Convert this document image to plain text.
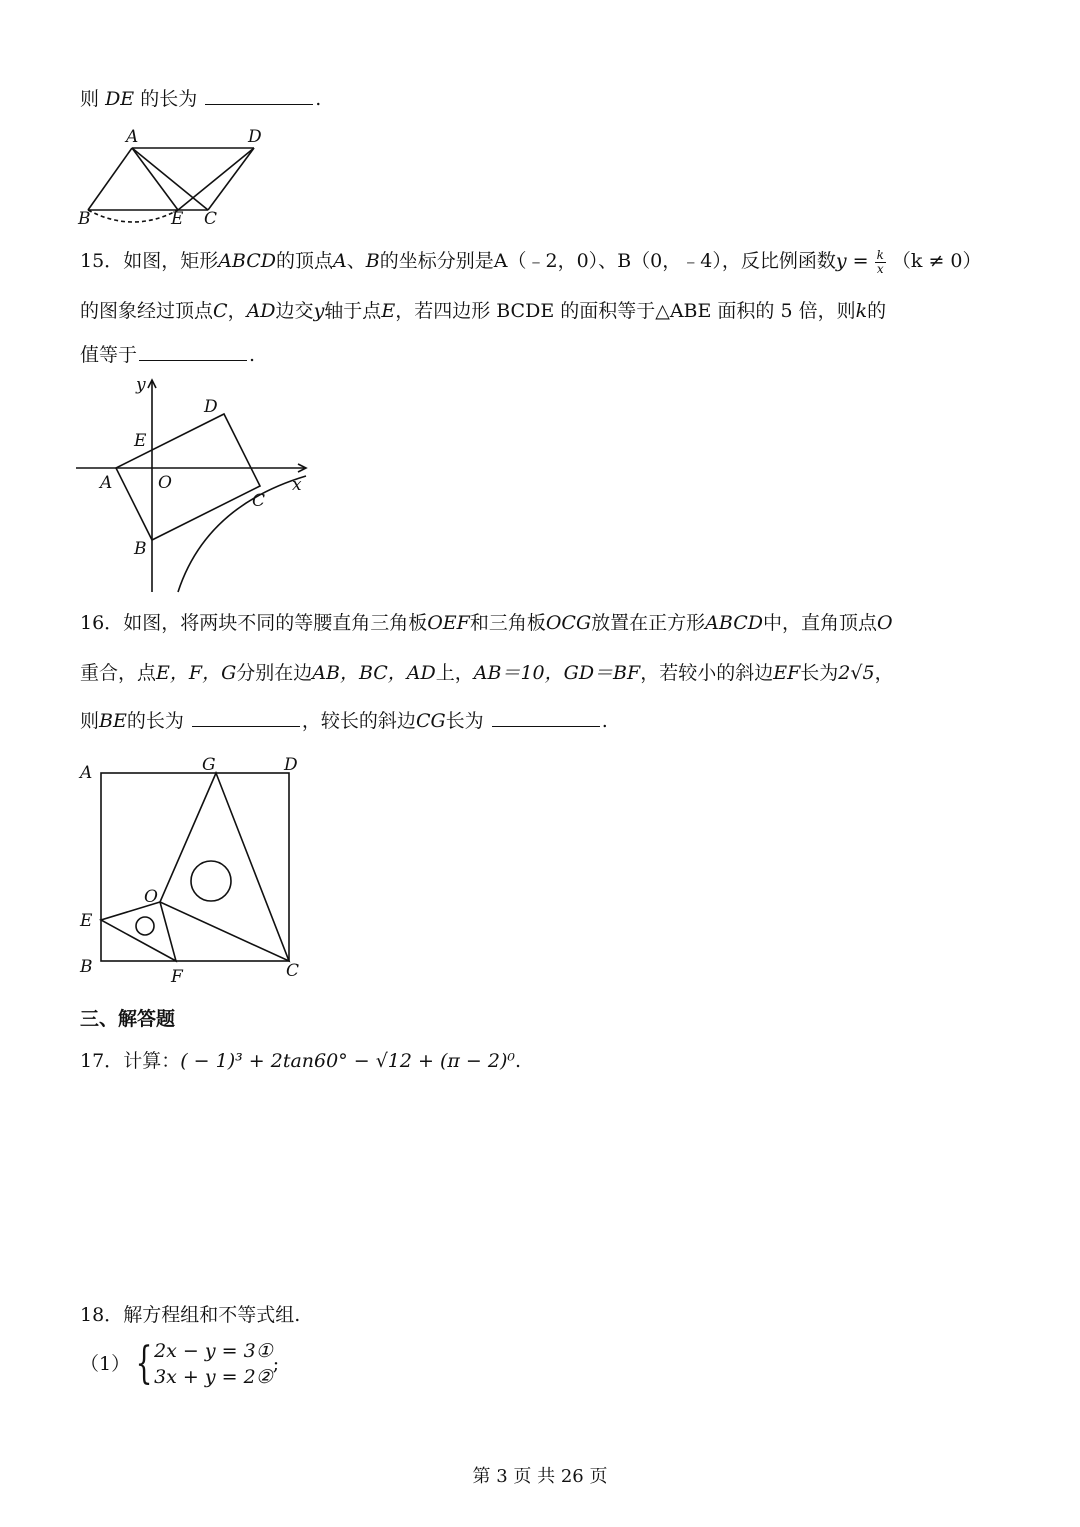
则 DE 的长为	.
A	D
B	E C
15．如图，矩形ABCD的顶点A、B的坐标分别是A（﹣2，0）、B（0，﹣4），反比例函数$y = \frac{k}{x} (k \ne 0)$
的图象经过顶点C，AD边交y轴于点E，若四边形 BCDE 的面积等于△ABE 面积的 5 倍，则k的
值等于	.
y
D
E
A	O
C
x
B
16．如图，将两块不同的等腰直角三角板OEF和三角板OCG放置在正方形ABCD中，直角顶点O
重合，点E，F，G分别在边AB，BC，AD上，AB＝10，GD＝BF，若较小的斜边EF长为2√5，
则BE的长为	，较长的斜边CG长为	.
A	G	D
O
E
B	F	C
三、解答题
17．计算：( − 1)³ + 2tan60° − √12 + (π − 2)⁰.
18．解方程组和不等式组.
（1） { 2x − y = 3①
3x + y = 2②
;
第 3 页 共 26 页
